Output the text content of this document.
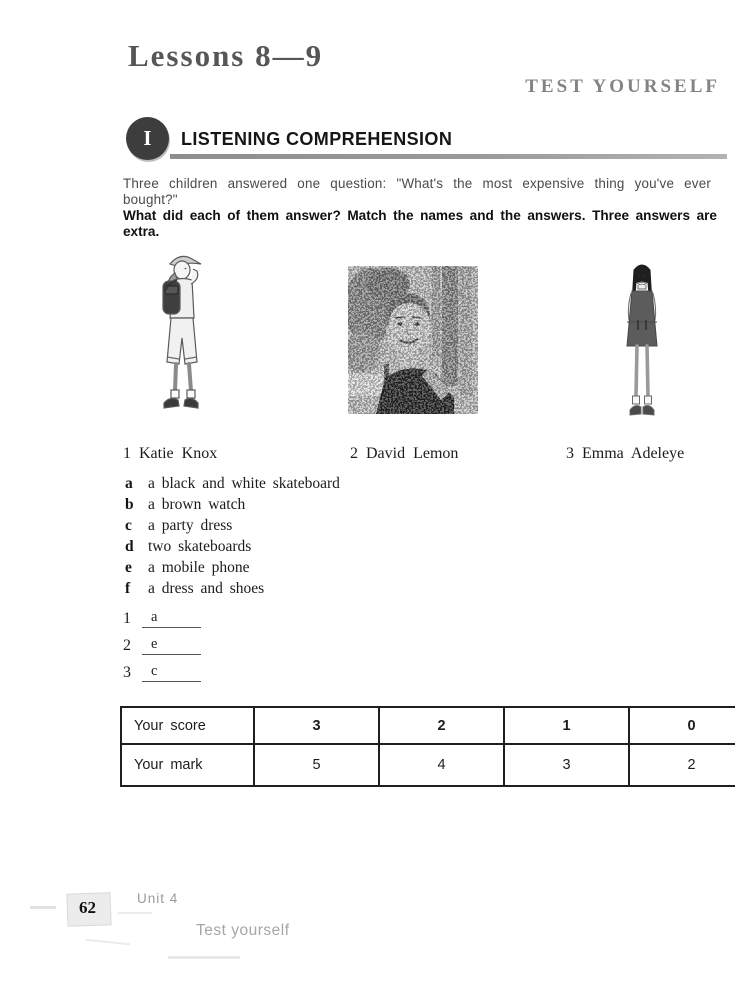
Lessons 8—9
TEST YOURSELF
I LISTENING COMPREHENSION
Three children answered one question: "What's the most expensive thing you've ever bought?"
What did each of them answer? Match the names and the answers. Three answers are extra.
1 Katie Knox	2 David Lemon	3 Emma Adeleye
a a black and white skateboard
b a brown watch
c	a party dress
d two skateboards
e	a mobile phone
f	a dress and shoes
1	a
2	e
3	c
Your score	3	2	1	0
Your mark	5	4	3	2
62	Unit 4
Test yourself
